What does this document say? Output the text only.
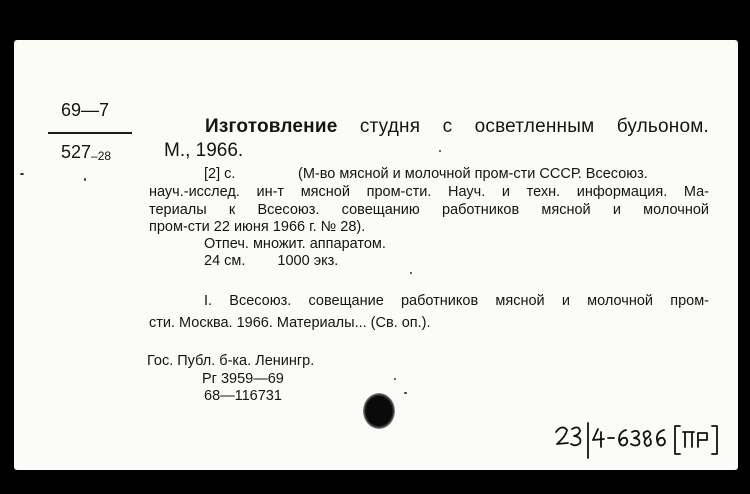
69—7
527–28
Изготовление студня с осветленным бульоном.
М., 1966.
[2] с.	(М-во мясной и молочной пром-сти СССР. Всесоюз.
науч.-исслед. ин-т мясной пром-сти. Науч. и техн. информация. Ма-
териалы к Всесоюз. совещанию работников мясной и молочной
пром-сти 22 июня 1966 г. № 28).
Отпеч. множит. аппаратом.
24 см. 1000 экз.
I. Всесоюз. совещание работников мясной и молочной пром-
сти. Москва. 1966. Материалы... (Св. оп.).
Гос. Публ. б-ка. Ленингр.
Рг 3959—69
68—116731
23|4-6386 [ГП]
